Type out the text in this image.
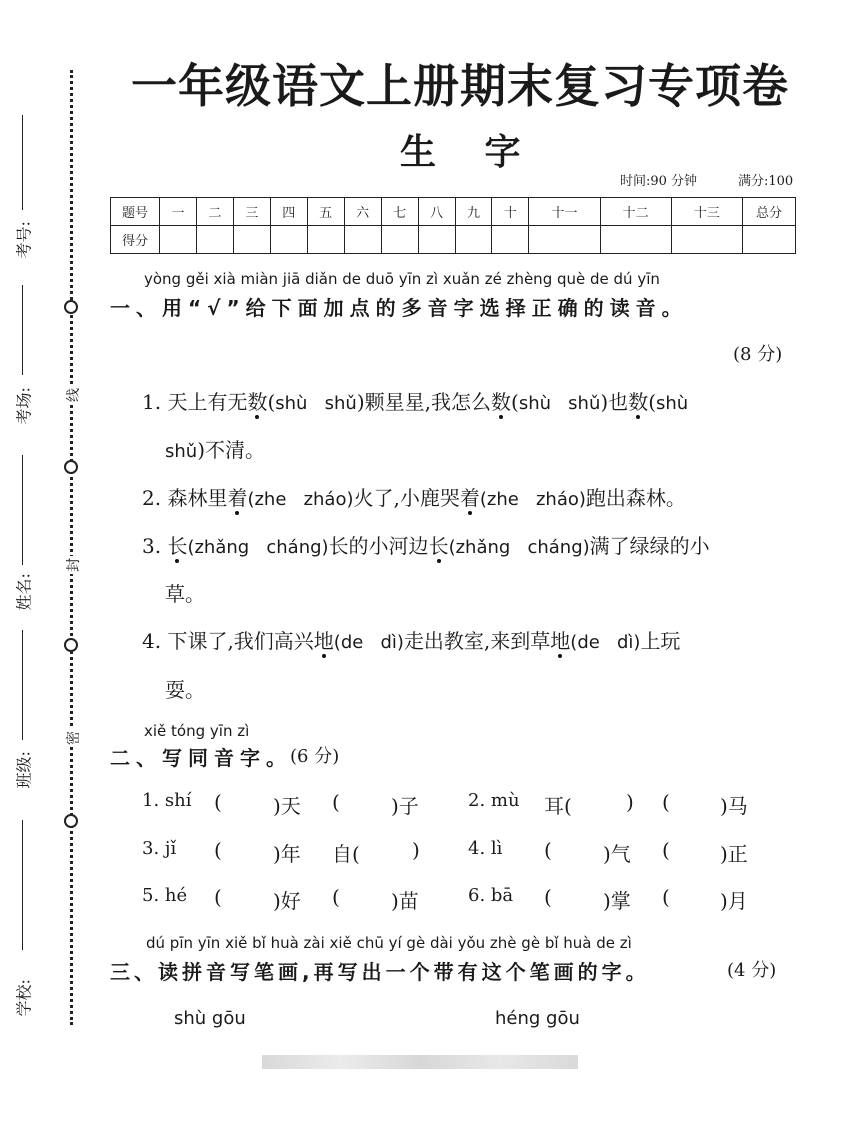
线
封
密
考号:
考场:
姓名:
班级:
学校:
一年级语文上册期末复习专项卷
生 字
时间:90 分钟	满分:100
题号	一	二	三	四	五	六	七	八	九	十	十一	十二	十三	总分
得分														
yòng gěi xià miàn jiā diǎn de duō yīn zì xuǎn zé zhèng què de dú yīn
一、用“√”给下面加点的多音字选择正确的读音。
(8 分)
1. 天上有无数(shù   shǔ)颗星星,我怎么数(shù   shǔ)也数(shù
shǔ)不清。
2. 森林里着(zhe   zháo)火了,小鹿哭着(zhe   zháo)跑出森林。
3. 长(zhǎng   cháng)长的小河边长(zhǎng   cháng)满了绿绿的小
草。
4. 下课了,我们高兴地(de   dì)走出教室,来到草地(de   dì)上玩
耍。
xiě tóng yīn zì
二、写同音字。
(6 分)
1. shí (	)天 (	)子	2. mù 耳(	) (	)马
3. jǐ (	)年 自(	)	4. lì (	)气 (	)正
5. hé (	)好 (	)苗	6. bā (	)掌 (	)月
dú pīn yīn xiě bǐ huà zài xiě chū yí gè dài yǒu zhè gè bǐ huà de zì
三、读拼音写笔画,再写出一个带有这个笔画的字。	(4 分)
shù gōu	héng gōu
